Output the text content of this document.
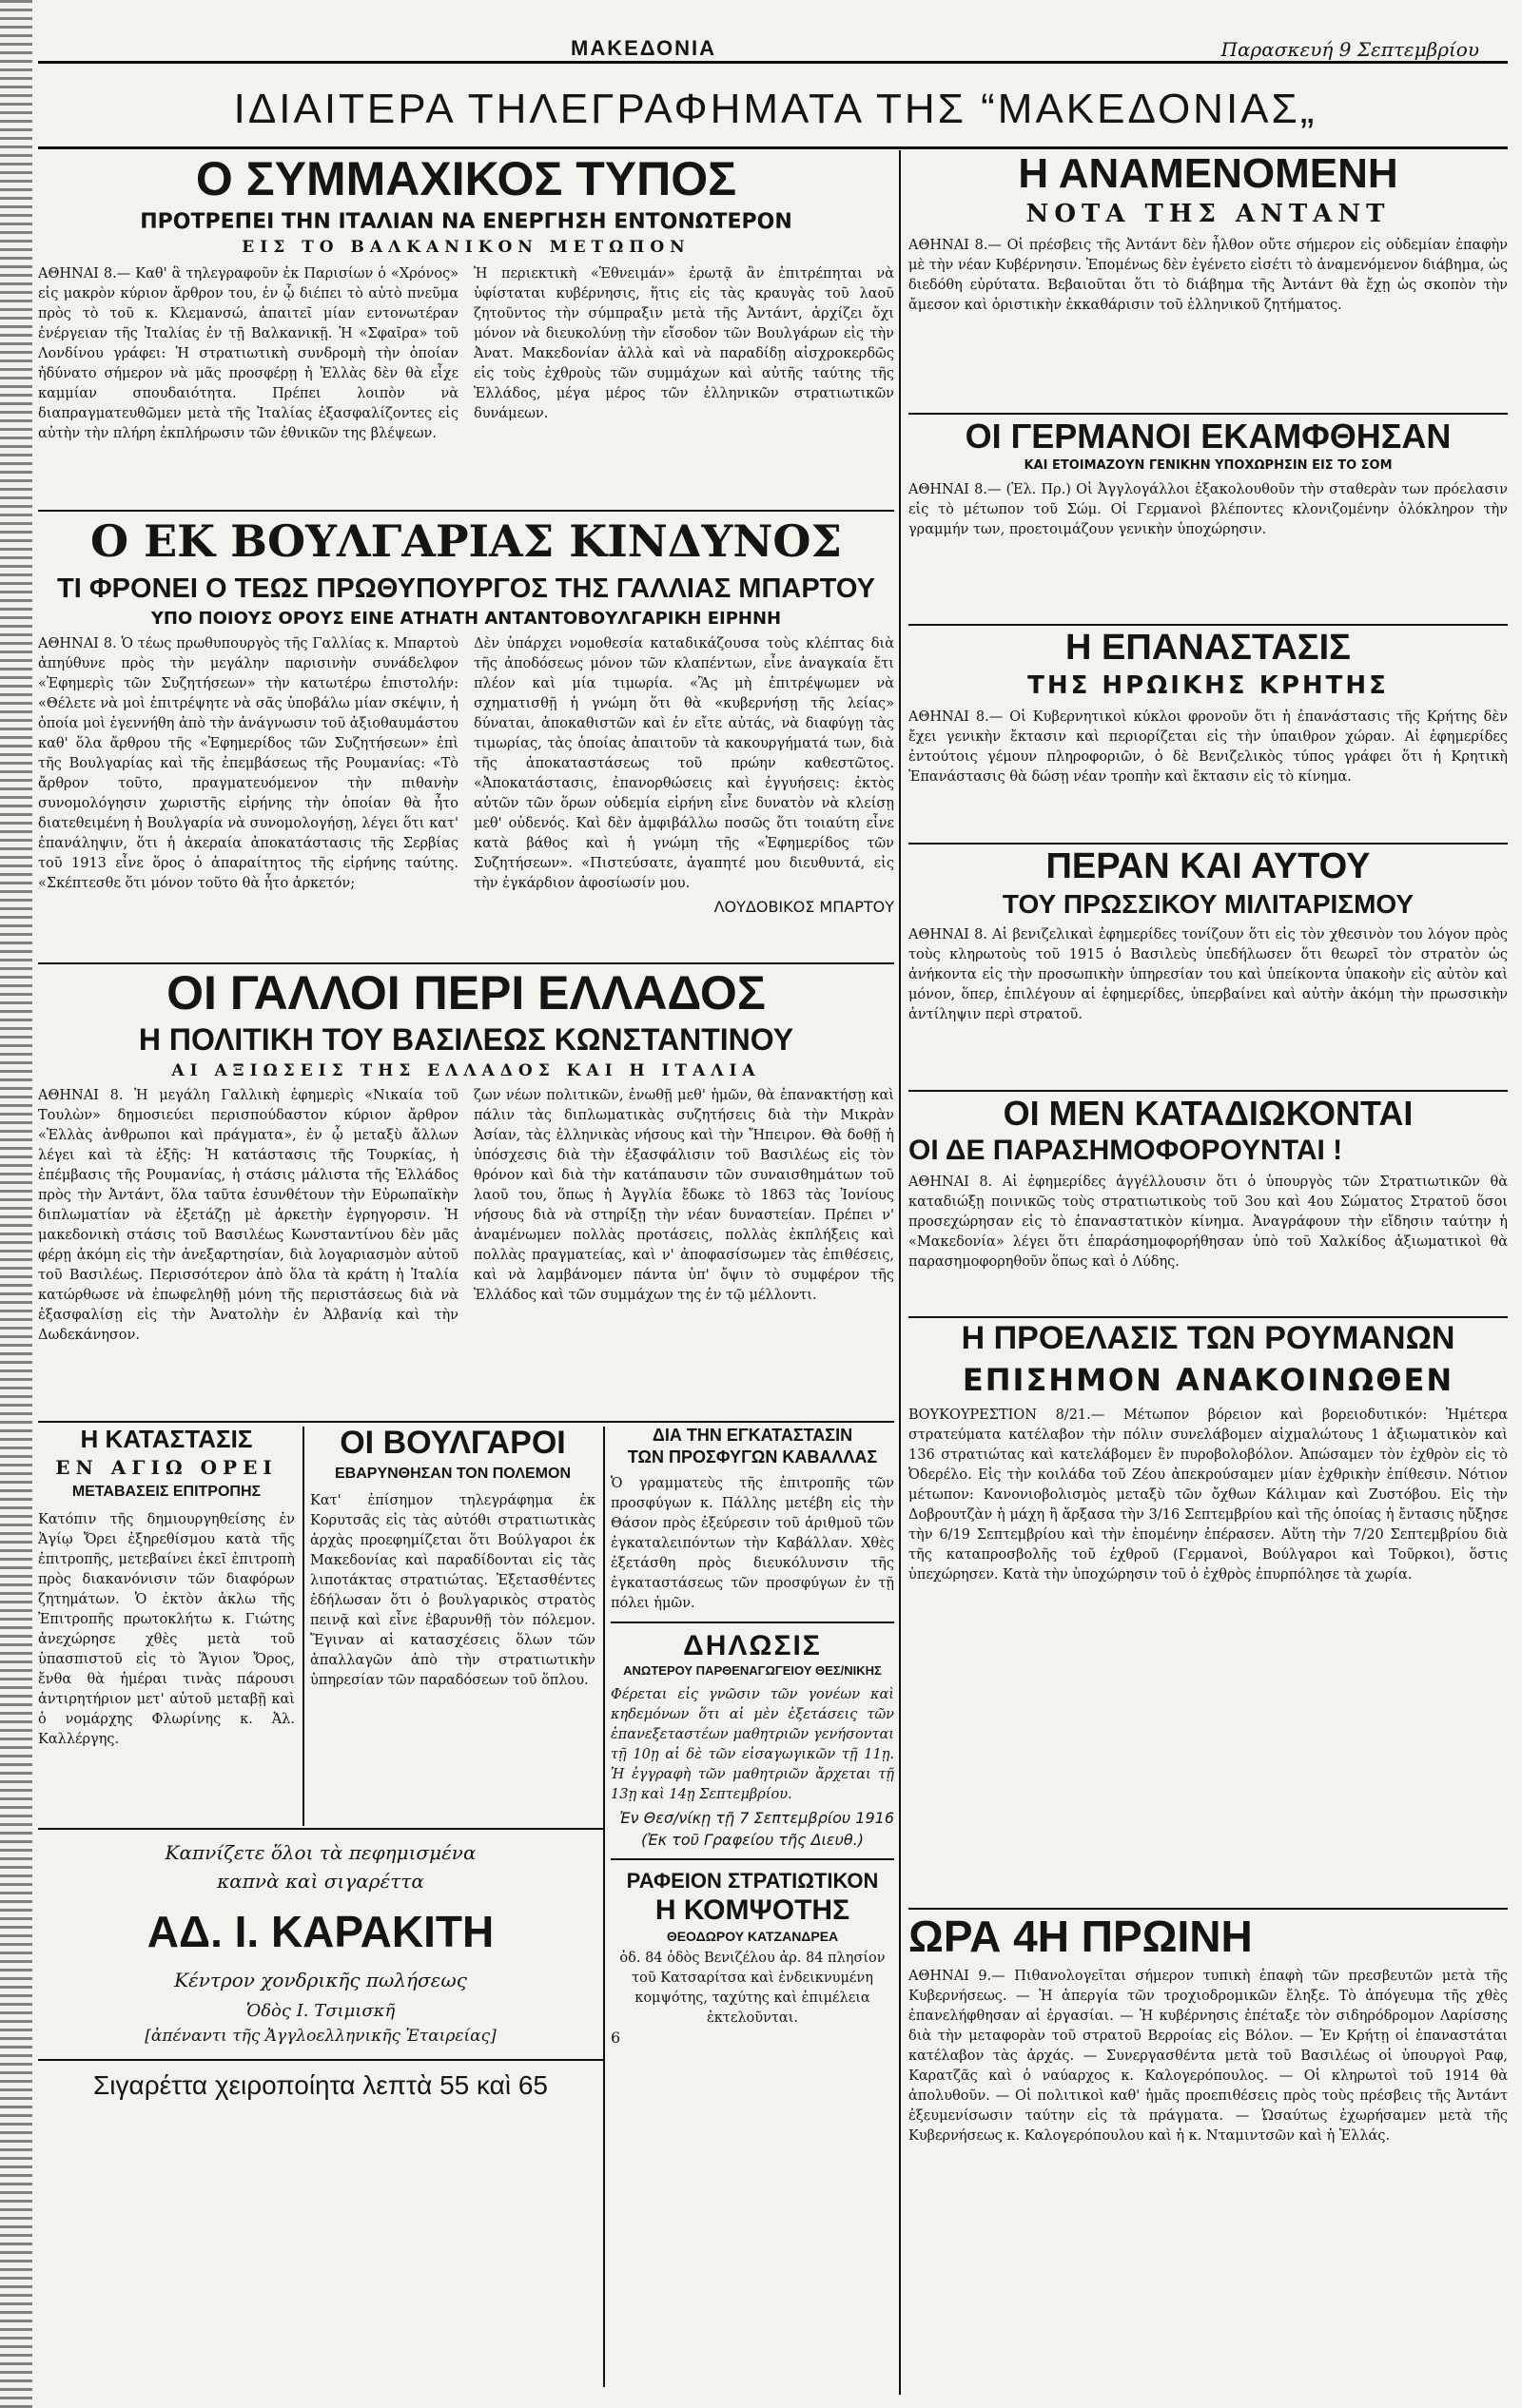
ΜΑΚΕΔΟΝΙΑ	Παρασκευή 9 Σεπτεμβρίου
ΙΔΙΑΙΤΕΡΑ ΤΗΛΕΓΡΑΦΗΜΑΤΑ ΤΗΣ “ΜΑΚΕΔΟΝΙΑΣ„
Ο ΣΥΜΜΑΧΙΚΟΣ ΤΥΠΟΣ
ΠΡΟΤΡΕΠΕΙ ΤΗΝ ΙΤΑΛΙΑΝ ΝΑ ΕΝΕΡΓΗΣΗ ΕΝΤΟΝΩΤΕΡΟΝ
ΕΙΣ ΤΟ ΒΑΛΚΑΝΙΚΟΝ ΜΕΤΩΠΟΝ

ΑΘΗΝΑΙ 8.— Καθ' ἃ τηλεγραφοῦν ἐκ Παρισίων ὁ «Χρόνος» εἰς μακρὸν κύριον ἄρθρον του, ἐν ᾧ διέπει τὸ αὐτὸ πνεῦμα πρὸς τὸ τοῦ κ. Κλεμανσώ, ἀπαιτεῖ μίαν εντονωτέραν ἐνέργειαν τῆς Ἰταλίας ἐν τῇ Βαλκανικῇ. Ἡ «Σφαῖρα» τοῦ Λονδίνου γράφει: Ἡ στρατιωτικὴ συνδρομὴ τὴν ὁποίαν ἠδύνατο σήμερον νὰ μᾶς προσφέρῃ ἡ Ἑλλὰς δὲν θὰ εἶχε καμμίαν σπουδαιότητα. Πρέπει λοιπὸν νὰ διαπραγματευθῶμεν μετὰ τῆς Ἰταλίας ἐξασφαλίζοντες εἰς αὐτὴν τὴν πλήρη ἐκπλήρωσιν τῶν ἐθνικῶν της βλέψεων.

Ἡ περιεκτικὴ «Ἑθνειμάν» ἐρωτᾷ ἂν ἐπιτρέπηται νὰ ὑφίσταται κυβέρνησις, ἥτις εἰς τὰς κραυγὰς τοῦ λαοῦ ζητοῦντος τὴν σύμπραξιν μετὰ τῆς Ἀντάντ, ἀρχίζει ὄχι μόνον νὰ διευκολύνῃ τὴν εἴσοδον τῶν Βουλγάρων εἰς τὴν Ἀνατ. Μακεδονίαν ἀλλὰ καὶ νὰ παραδίδῃ αἰσχροκερδῶς εἰς τοὺς ἐχθροὺς τῶν συμμάχων καὶ αὐτῆς ταύτης τῆς Ἑλλάδος, μέγα μέρος τῶν ἑλληνικῶν στρατιωτικῶν δυνάμεων.

Ο ΕΚ ΒΟΥΛΓΑΡΙΑΣ ΚΙΝΔΥΝΟΣ
ΤΙ ΦΡΟΝΕΙ Ο ΤΕΩΣ ΠΡΩΘΥΠΟΥΡΓΟΣ ΤΗΣ ΓΑΛΛΙΑΣ ΜΠΑΡΤΟΥ
ΥΠΟ ΠΟΙΟΥΣ ΟΡΟΥΣ ΕΙΝΕ ΑΤΗΑΤΗ ΑΝΤΑΝΤΟΒΟΥΛΓΑΡΙΚΗ ΕΙΡΗΝΗ

ΑΘΗΝΑΙ 8. Ὁ τέως πρωθυπουργὸς τῆς Γαλλίας κ. Μπαρτοὺ ἀπηύθυνε πρὸς τὴν μεγάλην παρισινὴν συνάδελφον «Ἐφημερὶς τῶν Συζητήσεων» τὴν κατωτέρω ἐπιστολήν: «Θέλετε νὰ μοὶ ἐπιτρέψητε νὰ σᾶς ὑποβάλω μίαν σκέψιν, ἡ ὁποία μοὶ ἐγεννήθη ἀπὸ τὴν ἀνάγνωσιν τοῦ ἀξιοθαυμάστου καθ' ὅλα ἄρθρου τῆς «Ἐφημερίδος τῶν Συζητήσεων» ἐπὶ τῆς Βουλγαρίας καὶ τῆς ἐπεμβάσεως τῆς Ρουμανίας: «Τὸ ἄρθρον τοῦτο, πραγματευόμενον τὴν πιθανὴν συνομολόγησιν χωριστῆς εἰρήνης τὴν ὁποίαν θὰ ἦτο διατεθειμένη ἡ Βουλγαρία νὰ συνομολογήσῃ, λέγει ὅτι κατ' ἐπανάληψιν, ὅτι ἡ ἀκεραία ἀποκατάστασις τῆς Σερβίας τοῦ 1913 εἶνε ὅρος ὁ ἀπαραίτητος τῆς εἰρήνης ταύτης. «Σκέπτεσθε ὅτι μόνον τοῦτο θὰ ἦτο ἀρκετόν;

Δὲν ὑπάρχει νομοθεσία καταδικάζουσα τοὺς κλέπτας διὰ τῆς ἀποδόσεως μόνον τῶν κλαπέντων, εἶνε ἀναγκαία ἔτι πλέον καὶ μία τιμωρία. «Ἂς μὴ ἐπιτρέψωμεν νὰ σχηματισθῇ ἡ γνώμη ὅτι θὰ «κυβερνήσῃ τῆς λείας» δύναται, ἀποκαθιστῶν καὶ ἐν εἴτε αὐτάς, νὰ διαφύγῃ τὰς τιμωρίας, τὰς ὁποίας ἀπαιτοῦν τὰ κακουργήματά των, διὰ τῆς ἀποκαταστάσεως τοῦ πρώην καθεστῶτος. «Ἀποκατάστασις, ἐπανορθώσεις καὶ ἐγγυήσεις: ἐκτὸς αὐτῶν τῶν ὅρων οὐδεμία εἰρήνη εἶνε δυνατὸν νὰ κλείσῃ μεθ' οὐδενός. Καὶ δὲν ἀμφιβάλλω ποσῶς ὅτι τοιαύτη εἶνε κατὰ βάθος καὶ ἡ γνώμη τῆς «Ἐφημερίδος τῶν Συζητήσεων». «Πιστεύσατε, ἀγαπητέ μου διευθυντά, εἰς τὴν ἐγκάρδιον ἀφοσίωσίν μου.

ΛΟΥΔΟΒΙΚΟΣ ΜΠΑΡΤΟΥ
ΟΙ ΓΑΛΛΟΙ ΠΕΡΙ ΕΛΛΑΔΟΣ
Η ΠΟΛΙΤΙΚΗ ΤΟΥ ΒΑΣΙΛΕΩΣ ΚΩΝΣΤΑΝΤΙΝΟΥ
ΑΙ ΑΞΙΩΣΕΙΣ ΤΗΣ ΕΛΛΑΔΟΣ ΚΑΙ Η ΙΤΑΛΙΑ

ΑΘΗΝΑΙ 8. Ἡ μεγάλη Γαλλικὴ ἐφημερὶς «Νικαία τοῦ Τουλὼν» δημοσιεύει περισπούδαστον κύριον ἄρθρον «Ἑλλὰς ἀνθρωποι καὶ πράγματα», ἐν ᾧ μεταξὺ ἄλλων λέγει καὶ τὰ ἑξῆς: Ἡ κατάστασις τῆς Τουρκίας, ἡ ἐπέμβασις τῆς Ρουμανίας, ἡ στάσις μάλιστα τῆς Ἑλλάδος πρὸς τὴν Ἀντάντ, ὅλα ταῦτα ἐσυνθέτουν τὴν Εὐρωπαϊκὴν διπλωματίαν νὰ ἐξετάζῃ μὲ ἀρκετὴν ἐγρηγορσιν. Ἡ μακεδονικὴ στάσις τοῦ Βασιλέως Κωνσταντίνου δὲν μᾶς φέρῃ ἀκόμη εἰς τὴν ἀνεξαρτησίαν, διὰ λογαριασμὸν αὐτοῦ τοῦ Βασιλέως. Περισσότερον ἀπὸ ὅλα τὰ κράτη ἡ Ἰταλία κατώρθωσε νὰ ἐπωφεληθῇ μόνη τῆς περιστάσεως διὰ νὰ ἐξασφαλίσῃ εἰς τὴν Ἀνατολὴν ἐν Ἀλβανίᾳ καὶ τὴν Δωδεκάνησον.

ζων νέων πολιτικῶν, ἐνωθῇ μεθ' ἡμῶν, θὰ ἐπανακτήσῃ καὶ πάλιν τὰς διπλωματικὰς συζητήσεις διὰ τὴν Μικρὰν Ἀσίαν, τὰς ἑλληνικὰς νήσους καὶ τὴν Ἤπειρον. Θὰ δοθῇ ἡ ὑπόσχεσις διὰ τὴν ἐξασφάλισιν τοῦ Βασιλέως εἰς τὸν θρόνον καὶ διὰ τὴν κατάπαυσιν τῶν συναισθημάτων τοῦ λαοῦ του, ὅπως ἡ Ἀγγλία ἔδωκε τὸ 1863 τὰς Ἰονίους νήσους διὰ νὰ στηρίξῃ τὴν νέαν δυναστείαν. Πρέπει ν' ἀναμένωμεν πολλὰς προτάσεις, πολλὰς ἐκπλήξεις καὶ πολλὰς πραγματείας, καὶ ν' ἀποφασίσωμεν τὰς ἐπιθέσεις, καὶ νὰ λαμβάνομεν πάντα ὑπ' ὄψιν τὸ συμφέρον τῆς Ἑλλάδος καὶ τῶν συμμάχων της ἐν τῷ μέλλοντι.

Η ΚΑΤΑΣΤΑΣΙΣ
ΕΝ ΑΓΙΩ ΟΡΕΙ
ΜΕΤΑΒΑΣΕΙΣ ΕΠΙΤΡΟΠΗΣ

Κατόπιν τῆς δημιουργηθείσης ἐν Ἁγίῳ Ὄρει ἐξηρεθίσμου κατὰ τῆς ἐπιτροπῆς, μετεβαίνει ἐκεῖ ἐπιτροπὴ πρὸς διακανόνισιν τῶν διαφόρων ζητημάτων. Ὁ ἐκτὸν ἀκλω τῆς Ἐπιτροπῆς πρωτοκλήτω κ. Γιώτης ἀνεχώρησε χθὲς μετὰ τοῦ ὑπασπιστοῦ εἰς τὸ Ἅγιον Ὄρος, ἔνθα θὰ ἠμέραι τινὰς πάρουσι ἀντιρητήριον μετ' αὐτοῦ μεταβῇ καὶ ὁ νομάρχης Φλωρίνης κ. Ἀλ. Καλλέργης.

ΟΙ ΒΟΥΛΓΑΡΟΙ
ΕΒΑΡΥΝΘΗΣΑΝ ΤΟΝ ΠΟΛΕΜΟΝ

Κατ' ἐπίσημον τηλεγράφημα ἐκ Κορυτσᾶς εἰς τὰς αὐτόθι στρατιωτικὰς ἀρχὰς προεφημίζεται ὅτι Βούλγαροι ἐκ Μακεδονίας καὶ παραδίδονται εἰς τὰς λιποτάκτας στρατιώτας. Ἐξετασθέντες ἐδήλωσαν ὅτι ὁ βουλγαρικὸς στρατὸς πεινᾷ καὶ εἶνε ἐβαρυνθῇ τὸν πόλεμον. Ἔγιναν αἱ κατασχέσεις ὅλων τῶν ἀπαλλαγῶν ἀπὸ τὴν στρατιωτικὴν ὑπηρεσίαν τῶν παραδόσεων τοῦ ὅπλου.

ΔΙΑ ΤΗΝ ΕΓΚΑΤΑΣΤΑΣΙΝ
ΤΩΝ ΠΡΟΣΦΥΓΩΝ ΚΑΒΑΛΛΑΣ

Ὁ γραμματεὺς τῆς ἐπιτροπῆς τῶν προσφύγων κ. Πάλλης μετέβη εἰς τὴν Θάσον πρὸς ἐξεύρεσιν τοῦ ἀριθμοῦ τῶν ἐγκαταλειπόντων τὴν Καβάλλαν. Χθὲς ἐξετάσθη πρὸς διευκόλυνσιν τῆς ἐγκαταστάσεως τῶν προσφύγων ἐν τῇ πόλει ἡμῶν.

ΔΗΛΩΣΙΣ
ΑΝΩΤΕΡΟΥ ΠΑΡΘΕΝΑΓΩΓΕΙΟΥ ΘΕΣ/ΝΙΚΗΣ

Φέρεται εἰς γνῶσιν τῶν γονέων καὶ κηδεμόνων ὅτι αἱ μὲν ἐξετάσεις τῶν ἐπανεξεταστέων μαθητριῶν γενήσονται τῇ 10ῃ αἱ δὲ τῶν εἰσαγωγικῶν τῇ 11ῃ. Ἡ ἐγγραφὴ τῶν μαθητριῶν ἄρχεται τῇ 13ῃ καὶ 14ῃ Σεπτεμβρίου.

Ἐν Θεσ/νίκῃ τῇ 7 Σεπτεμβρίου 1916
(Ἐκ τοῦ Γραφείου τῆς Διευθ.)
ΡΑΦΕΙΟΝ ΣΤΡΑΤΙΩΤΙΚΟΝ
Η ΚΟΜΨΟΤΗΣ
ΘΕΟΔΩΡΟΥ ΚΑΤΖΑΝΔΡΕΑ

ὁδ. 84 ὁδὸς Βενιζέλου ἀρ. 84 πλησίον τοῦ Κατσαρίτσα καὶ ἐνδεικνυμένη κομψότης, ταχύτης καὶ ἐπιμέλεια ἐκτελοῦνται.

6
Καπνίζετε ὅλοι τὰ πεφημισμένα
καπνὰ καὶ σιγαρέττα
ΑΔ. Ι. ΚΑΡΑΚΙΤΗ
Κέντρον χονδρικῆς πωλήσεως
Ὁδὸς Ι. Τσιμισκῆ
[ἀπέναντι τῆς Ἀγγλοελληνικῆς Ἑταιρείας]
Σιγαρέττα χειροποίητα λεπτὰ 55 καὶ 65
Η ΑΝΑΜΕΝΟΜΕΝΗ
ΝΟΤΑ ΤΗΣ ΑΝΤΑΝΤ

ΑΘΗΝΑΙ 8.— Οἱ πρέσβεις τῆς Ἀντάντ δὲν ἦλθον οὔτε σήμερον εἰς οὐδεμίαν ἐπαφὴν μὲ τὴν νέαν Κυβέρνησιν. Ἐπομένως δὲν ἐγένετο εἰσέτι τὸ ἀναμενόμενον διάβημα, ὡς διεδόθη εὐρύτατα. Βεβαιοῦται ὅτι τὸ διάβημα τῆς Ἀντάντ θὰ ἔχῃ ὡς σκοπὸν τὴν ἄμεσον καὶ ὁριστικὴν ἐκκαθάρισιν τοῦ ἑλληνικοῦ ζητήματος.

ΟΙ ΓΕΡΜΑΝΟΙ ΕΚΑΜΦΘΗΣΑΝ
ΚΑΙ ΕΤΟΙΜΑΖΟΥΝ ΓΕΝΙΚΗΝ ΥΠΟΧΩΡΗΣΙΝ ΕΙΣ ΤΟ ΣΟΜ

ΑΘΗΝΑΙ 8.— (Ἑλ. Πρ.) Οἱ Ἀγγλογάλλοι ἐξακολουθοῦν τὴν σταθερὰν των πρόελασιν εἰς τὸ μέτωπον τοῦ Σώμ. Οἱ Γερμανοὶ βλέποντες κλονιζομένην ὁλόκληρον τὴν γραμμήν των, προετοιμάζουν γενικὴν ὑποχώρησιν.

Η ΕΠΑΝΑΣΤΑΣΙΣ
ΤΗΣ ΗΡΩΙΚΗΣ ΚΡΗΤΗΣ

ΑΘΗΝΑΙ 8.— Οἱ Κυβερνητικοὶ κύκλοι φρονοῦν ὅτι ἡ ἐπανάστασις τῆς Κρήτης δὲν ἔχει γενικὴν ἔκτασιν καὶ περιορίζεται εἰς τὴν ὑπαιθρον χώραν. Αἱ ἐφημερίδες ἐντούτοις γέμουν πληροφοριῶν, ὁ δὲ Βενιζελικὸς τύπος γράφει ὅτι ἡ Κρητικὴ Ἐπανάστασις θὰ δώσῃ νέαν τροπὴν καὶ ἔκτασιν εἰς τὸ κίνημα.

ΠΕΡΑΝ ΚΑΙ ΑΥΤΟΥ
ΤΟΥ ΠΡΩΣΣΙΚΟΥ ΜΙΛΙΤΑΡΙΣΜΟΥ

ΑΘΗΝΑΙ 8. Αἱ βενιζελικαὶ ἐφημερίδες τονίζουν ὅτι εἰς τὸν χθεσινὸν του λόγον πρὸς τοὺς κληρωτοὺς τοῦ 1915 ὁ Βασιλεὺς ὑπεδήλωσεν ὅτι θεωρεῖ τὸν στρατὸν ὡς ἀνήκοντα εἰς τὴν προσωπικὴν ὑπηρεσίαν του καὶ ὑπείκοντα ὑπακοὴν εἰς αὐτὸν καὶ μόνον, ὅπερ, ἐπιλέγουν αἱ ἐφημερίδες, ὑπερβαίνει καὶ αὐτὴν ἀκόμη τὴν πρωσσικὴν ἀντίληψιν περὶ στρατοῦ.

ΟΙ ΜΕΝ ΚΑΤΑΔΙΩΚΟΝΤΑΙ
ΟΙ ΔΕ ΠΑΡΑΣΗΜΟΦΟΡΟΥΝΤΑΙ !

ΑΘΗΝΑΙ 8. Αἱ ἐφημερίδες ἀγγέλλουσιν ὅτι ὁ ὑπουργὸς τῶν Στρατιωτικῶν θὰ καταδιώξῃ ποινικῶς τοὺς στρατιωτικοὺς τοῦ 3ου καὶ 4ου Σώματος Στρατοῦ ὅσοι προσεχώρησαν εἰς τὸ ἐπαναστατικὸν κίνημα. Ἀναγράφουν τὴν εἴδησιν ταύτην ἡ «Μακεδονία» λέγει ὅτι ἐπαράσημοφορήθησαν ὑπὸ τοῦ Χαλκίδος ἀξιωματικοὶ θὰ παρασημοφορηθοῦν ὅπως καὶ ὁ Λύδης.

Η ΠΡΟΕΛΑΣΙΣ ΤΩΝ ΡΟΥΜΑΝΩΝ
ΕΠΙΣΗΜΟΝ ΑΝΑΚΟΙΝΩΘΕΝ

ΒΟΥΚΟΥΡΕΣΤΙΟΝ 8/21.— Μέτωπον βόρειον καὶ βορειοδυτικόν: Ἡμέτερα στρατεύματα κατέλαβον τὴν πόλιν συνελάβομεν αἰχμαλώτους 1 ἀξιωματικὸν καὶ 136 στρατιώτας καὶ κατελάβομεν ἓν πυροβολοβόλον. Ἀπώσαμεν τὸν ἐχθρὸν εἰς τὸ Ὀδερέλο. Εἰς τὴν κοιλάδα τοῦ Ζέου ἀπεκρούσαμεν μίαν ἐχθρικὴν ἐπίθεσιν. Νότιον μέτωπον: Κανονιοβολισμὸς μεταξὺ τῶν ὄχθων Κάλιμαν καὶ Ζυστόβου. Εἰς τὴν Δοβρουτζὰν ἡ μάχη ἢ ἄρξασα τὴν 3/16 Σεπτεμβρίου καὶ τῆς ὁποίας ἡ ἔντασις ηὔξησε τὴν 6/19 Σεπτεμβρίου καὶ τὴν ἑπομένην ἐπέρασεν. Αὕτη τὴν 7/20 Σεπτεμβρίου διὰ τῆς καταπροσβολῆς τοῦ ἐχθροῦ (Γερμανοὶ, Βούλγαροι καὶ Τοῦρκοι), ὅστις ὑπεχώρησεν. Κατὰ τὴν ὑποχώρησιν τοῦ ὁ ἐχθρὸς ἐπυρπόλησε τὰ χωρία.

ΩΡΑ 4Η ΠΡΩΙΝΗ

ΑΘΗΝΑΙ 9.— Πιθανολογεῖται σήμερον τυπικὴ ἐπαφὴ τῶν πρεσβευτῶν μετὰ τῆς Κυβερνήσεως. — Ἡ ἀπεργία τῶν τροχιοδρομικῶν ἔληξε. Τὸ ἀπόγευμα τῆς χθὲς ἐπανελήφθησαν αἱ ἐργασίαι. — Ἡ κυβέρνησις ἐπέταξε τὸν σιδηρόδρομον Λαρίσσης διὰ τὴν μεταφορὰν τοῦ στρατοῦ Βερροίας εἰς Βόλον. — Ἐν Κρήτῃ οἱ ἐπαναστάται κατέλαβον τὰς ἀρχάς. — Συνεργασθέντα μετὰ τοῦ Βασιλέως οἱ ὑπουργοὶ Ραφ, Καρατζᾶς καὶ ὁ ναύαρχος κ. Καλογερόπουλος. — Οἱ κληρωτοὶ τοῦ 1914 θὰ ἀπολυθοῦν. — Οἱ πολιτικοὶ καθ' ἡμᾶς προεπιθέσεις πρὸς τοὺς πρέσβεις τῆς Ἀντάντ ἐξευμενίσωσιν ταύτην εἰς τὰ πράγματα. — Ὡσαύτως ἐχωρήσαμεν μετὰ τῆς Κυβερνήσεως κ. Καλογερόπουλου καὶ ἡ κ. Νταμιντσῶν καὶ ἡ Ἑλλάς.
